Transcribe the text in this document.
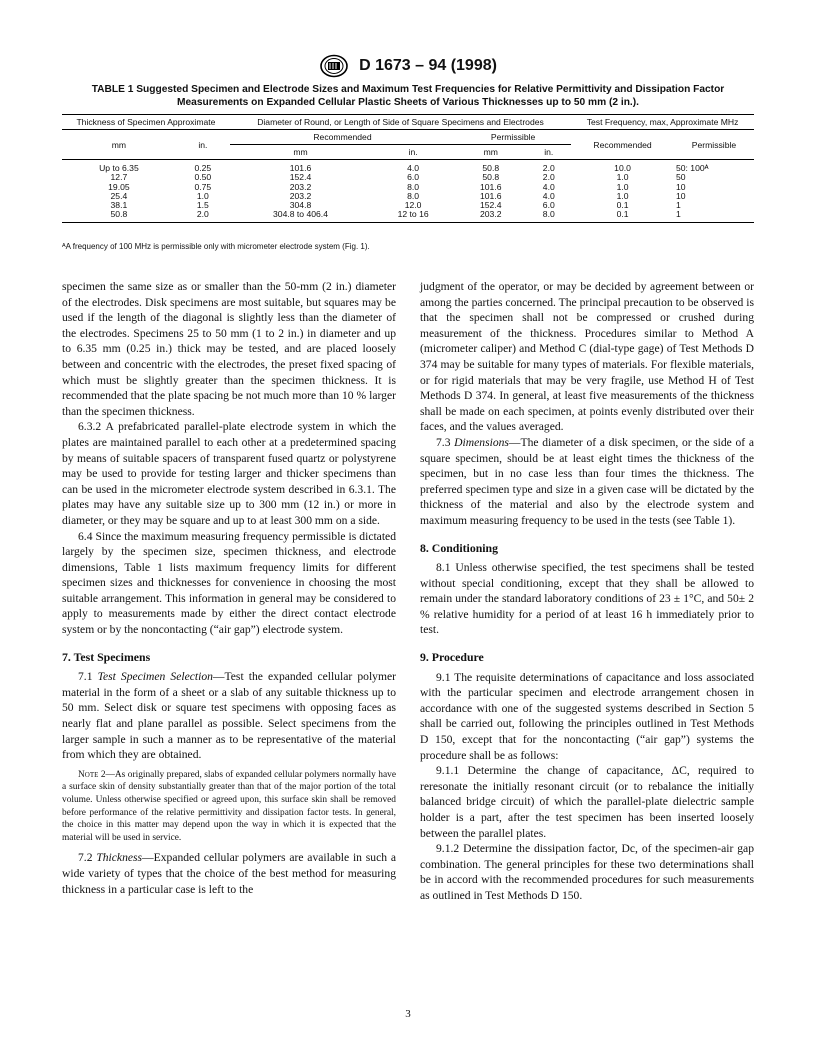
D 1673 – 94 (1998)
TABLE 1 Suggested Specimen and Electrode Sizes and Maximum Test Frequencies for Relative Permittivity and Dissipation Factor Measurements on Expanded Cellular Plastic Sheets of Various Thicknesses up to 50 mm (2 in.).
Thickness of Specimen Approximate		Diameter of Round, or Length of Side of Square Specimens and Electrodes				Test Frequency, max, Approximate MHz	
mm	in.	Recommended		Permissible		Recommended	Permissible
		mm	in.	mm	in.		
Up to 6.35	0.25	101.6	4.0	50.8	2.0	10.0	50: 100ᴬ
12.7	0.50	152.4	6.0	50.8	2.0	1.0	50
19.05	0.75	203.2	8.0	101.6	4.0	1.0	10
25.4	1.0	203.2	8.0	101.6	4.0	1.0	10
38.1	1.5	304.8	12.0	152.4	6.0	0.1	1
50.8	2.0	304.8 to 406.4	12 to 16	203.2	8.0	0.1	1
ᴬA frequency of 100 MHz is permissible only with micrometer electrode system (Fig. 1).

specimen the same size as or smaller than the 50-mm (2 in.) diameter of the electrodes. Disk specimens are most suitable, but squares may be used if the length of the diagonal is slightly less than the diameter of the electrodes. Specimens 25 to 50 mm (1 to 2 in.) in diameter and up to 6.35 mm (0.25 in.) thick may be tested, and are placed loosely between and concentric with the electrodes, the preset fixed spacing of which must be slightly greater than the specimen thickness. It is recommended that the plate spacing be not much more than 10 % larger than the specimen thickness.

6.3.2 A prefabricated parallel-plate electrode system in which the plates are maintained parallel to each other at a predetermined spacing by means of suitable spacers of transparent fused quartz or polystyrene may be used to provide for testing larger and thicker specimens than can be used in the micrometer electrode system described in 6.3.1. The plates may have any suitable size up to 300 mm (12 in.) or more in diameter, or they may be square and up to at least 300 mm on a side.

6.4 Since the maximum measuring frequency permissible is dictated largely by the specimen size, specimen thickness, and electrode dimensions, Table 1 lists maximum frequency limits for different specimen sizes and thicknesses for convenience in choosing the most suitable arrangement. This information in general may be considered to apply to measurements made by either the direct contact electrode system or by the noncontacting (“air gap”) electrode system.

7. Test Specimens

7.1 Test Specimen Selection—Test the expanded cellular polymer material in the form of a sheet or a slab of any suitable thickness up to 50 mm. Select disk or square test specimens with opposing faces as nearly flat and plane parallel as possible. Select specimens from the larger sample in such a manner as to be representative of the material from which they are obtained.

Note 2—As originally prepared, slabs of expanded cellular polymers normally have a surface skin of density substantially greater than that of the major portion of the total volume. Unless otherwise specified or agreed upon, this surface skin shall be removed before performance of the relative permittivity and dissipation factor tests. In general, the choice in this matter may depend upon the way in which it is expected that the material will be used in service.

7.2 Thickness—Expanded cellular polymers are available in such a wide variety of types that the choice of the best method for measuring thickness in a particular case is left to the

judgment of the operator, or may be decided by agreement between or among the parties concerned. The principal precaution to be observed is that the specimen shall not be compressed or crushed during measurement of the thickness. Procedures similar to Method A (micrometer caliper) and Method C (dial-type gage) of Test Methods D 374 may be suitable for many types of materials. For flexible materials, or for rigid materials that may be very fragile, use Method H of Test Methods D 374. In general, at least five measurements of the thickness shall be made on each specimen, at points evenly distributed over their faces, and the values averaged.

7.3 Dimensions—The diameter of a disk specimen, or the side of a square specimen, should be at least eight times the thickness of the specimen, but in no case less than four times the thickness. The preferred specimen type and size in a given case will be dictated by the thickness of the material and also by the electrode system and maximum measuring frequency to be used in the tests (see Table 1).

8. Conditioning

8.1 Unless otherwise specified, the test specimens shall be tested without special conditioning, except that they shall be allowed to remain under the standard laboratory conditions of 23 ± 1°C, and 50± 2 % relative humidity for a period of at least 16 h immediately prior to test.

9. Procedure

9.1 The requisite determinations of capacitance and loss associated with the particular specimen and electrode arrangement chosen in accordance with one of the suggested systems described in Section 5 shall be carried out, following the principles outlined in Test Methods D 150, except that for the noncontacting (“air gap”) systems the procedure shall be as follows:

9.1.1 Determine the change of capacitance, ΔC, required to reresonate the initially resonant circuit (or to rebalance the initially balanced bridge circuit) of which the parallel-plate dielectric sample holder is a part, after the test specimen has been inserted loosely between the parallel plates.

9.1.2 Determine the dissipation factor, Dc, of the specimen-air gap combination. The general principles for these two determinations shall be in accord with the recommended procedures for such measurements as outlined in Test Methods D 150.

3
